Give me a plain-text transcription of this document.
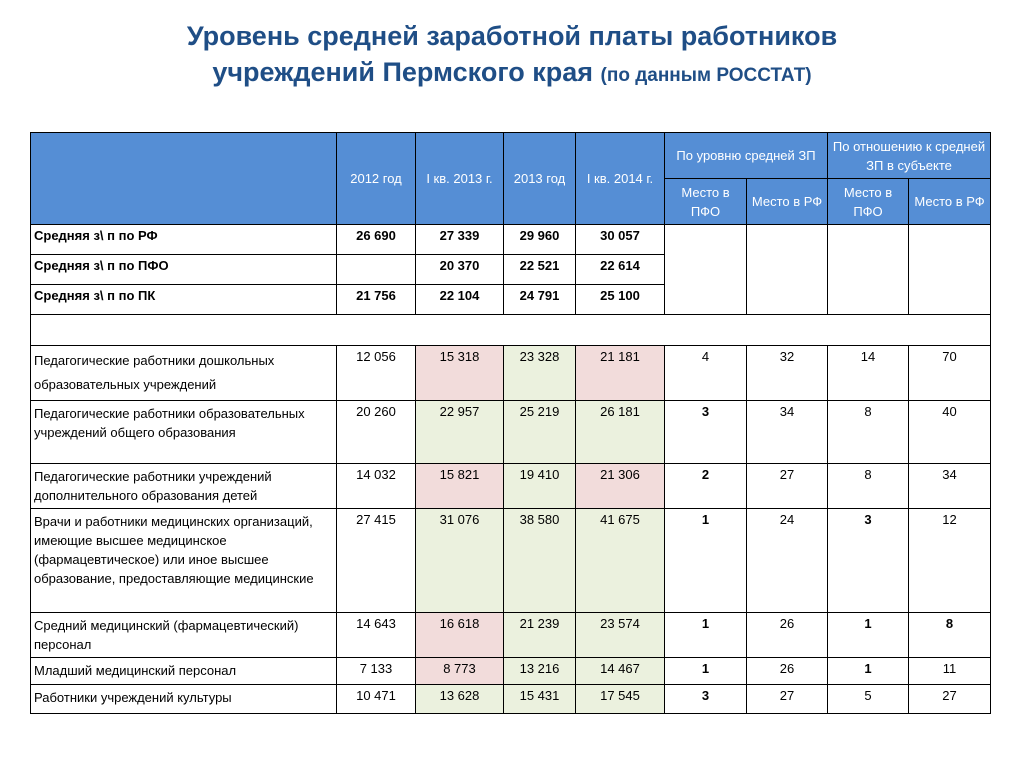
Уровень средней заработной платы работников
учреждений Пермского края (по данным РОССТАТ)
	2012 год	I кв. 2013 г.	2013 год	I кв. 2014 г.	По уровню средней ЗП		По отношению к средней ЗП в субъекте	
					Место в ПФО	Место в РФ	Место в ПФО	Место в РФ
Средняя з\ п по РФ	26 690	27 339	29 960	30 057				
Средняя з\ п по ПФО		20 370	22 521	22 614				
Средняя з\ п по ПК	21 756	22 104	24 791	25 100				

Педагогические работники дошкольных образовательных учреждений	12 056	15 318	23 328	21 181	4	32	14	70
Педагогические работники образовательных учреждений общего образования	20 260	22 957	25 219	26 181	3	34	8	40
Педагогические работники учреждений дополнительного образования детей	14 032	15 821	19 410	21 306	2	27	8	34
Врачи и работники медицинских организаций, имеющие высшее медицинское (фармацевтическое) или иное высшее образование, предоставляющие медицинские	27 415	31 076	38 580	41 675	1	24	3	12
Средний медицинский (фармацевтический) персонал	14 643	16 618	21 239	23 574	1	26	1	8
Младший медицинский персонал	7 133	8 773	13 216	14 467	1	26	1	11
Работники учреждений культуры	10 471	13 628	15 431	17 545	3	27	5	27
